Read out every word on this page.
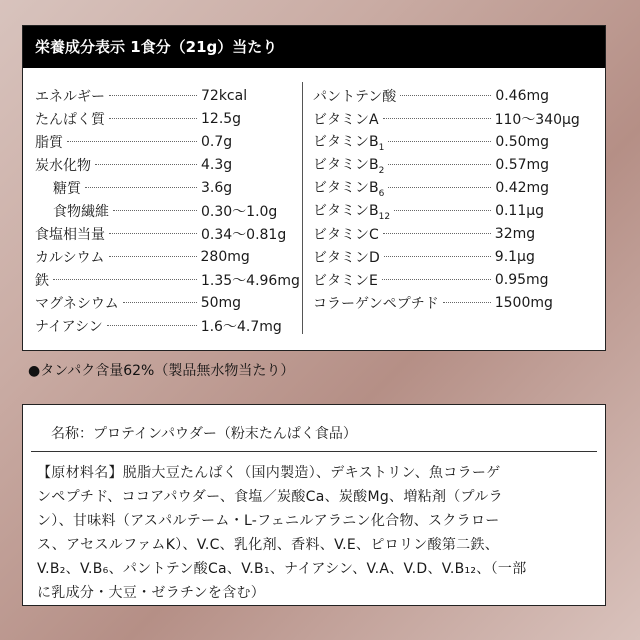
栄養成分表示 1食分（21g）当たり
エネルギー	72kcal
たんぱく質	12.5g
脂質	0.7g
炭水化物	4.3g
糖質	3.6g
食物繊維	0.30〜1.0g
食塩相当量	0.34〜0.81g
カルシウム	280mg
鉄	1.35〜4.96mg
マグネシウム	50mg
ナイアシン	1.6〜4.7mg
パントテン酸	0.46mg
ビタミンA	110〜340μg
ビタミン$B_1$	0.50mg
ビタミン$B_2$	0.57mg
ビタミン$B_6$	0.42mg
ビタミン$B_{12}$	0.11μg
ビタミンC	32mg
ビタミンD	9.1μg
ビタミンE	0.95mg
コラーゲンペプチド	1500mg
●タンパク含量62%（製品無水物当たり）
名称：プロテインパウダー（粉末たんぱく食品）
【原材料名】脱脂大豆たんぱく（国内製造）、デキストリン、魚コラーゲ
ンペプチド、ココアパウダー、食塩／炭酸Ca、炭酸Mg、増粘剤（プルラ
ン）、甘味料（アスパルテーム・L-フェニルアラニン化合物、スクラロー
ス、アセスルファムK）、V.C、乳化剤、香料、V.E、ピロリン酸第二鉄、
V.B₂、V.B₆、パントテン酸Ca、V.B₁、ナイアシン、V.A、V.D、V.B₁₂、（一部
に乳成分・大豆・ゼラチンを含む）
